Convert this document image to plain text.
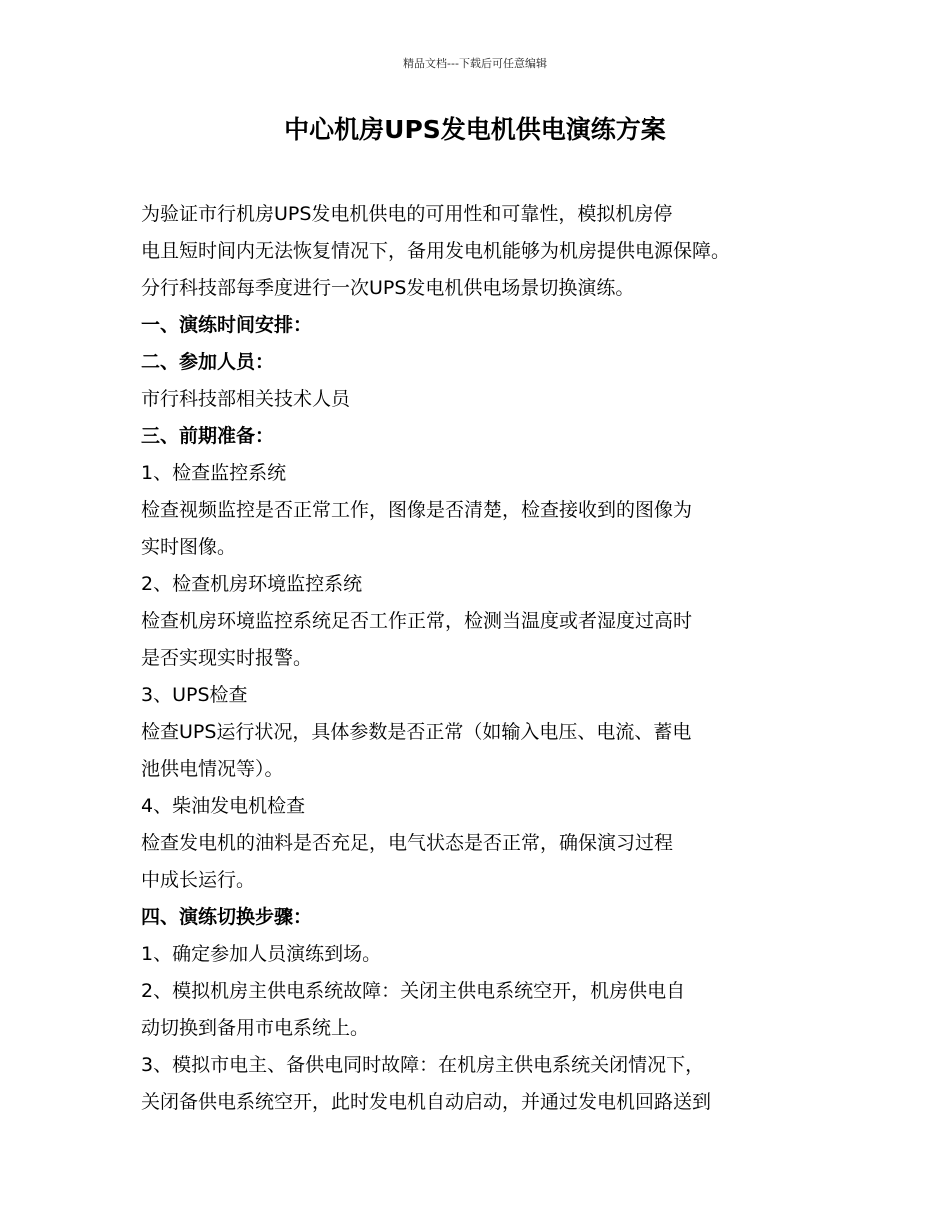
精品文档---下载后可任意编辑
中心机房UPS发电机供电演练方案

为验证市行机房UPS发电机供电的可用性和可靠性，模拟机房停

电且短时间内无法恢复情况下，备用发电机能够为机房提供电源保障。

分行科技部每季度进行一次UPS发电机供电场景切换演练。

一、演练时间安排：

二、参加人员：

市行科技部相关技术人员

三、前期准备：

1、检查监控系统

检查视频监控是否正常工作，图像是否清楚，检查接收到的图像为

实时图像。

2、检查机房环境监控系统

检查机房环境监控系统足否工作正常，检测当温度或者湿度过高时

是否实现实时报警。

3、UPS检查

检查UPS运行状况，具体参数是否正常（如输入电压、电流、蓄电

池供电情况等）。

4、柴油发电机检查

检查发电机的油料是否充足，电气状态是否正常，确保演习过程

中成长运行。

四、演练切换步骤：

1、确定参加人员演练到场。

2、模拟机房主供电系统故障：关闭主供电系统空开，机房供电自

动切换到备用市电系统上。

3、模拟市电主、备供电同时故障：在机房主供电系统关闭情况下，

关闭备供电系统空开，此时发电机自动启动，并通过发电机回路送到
